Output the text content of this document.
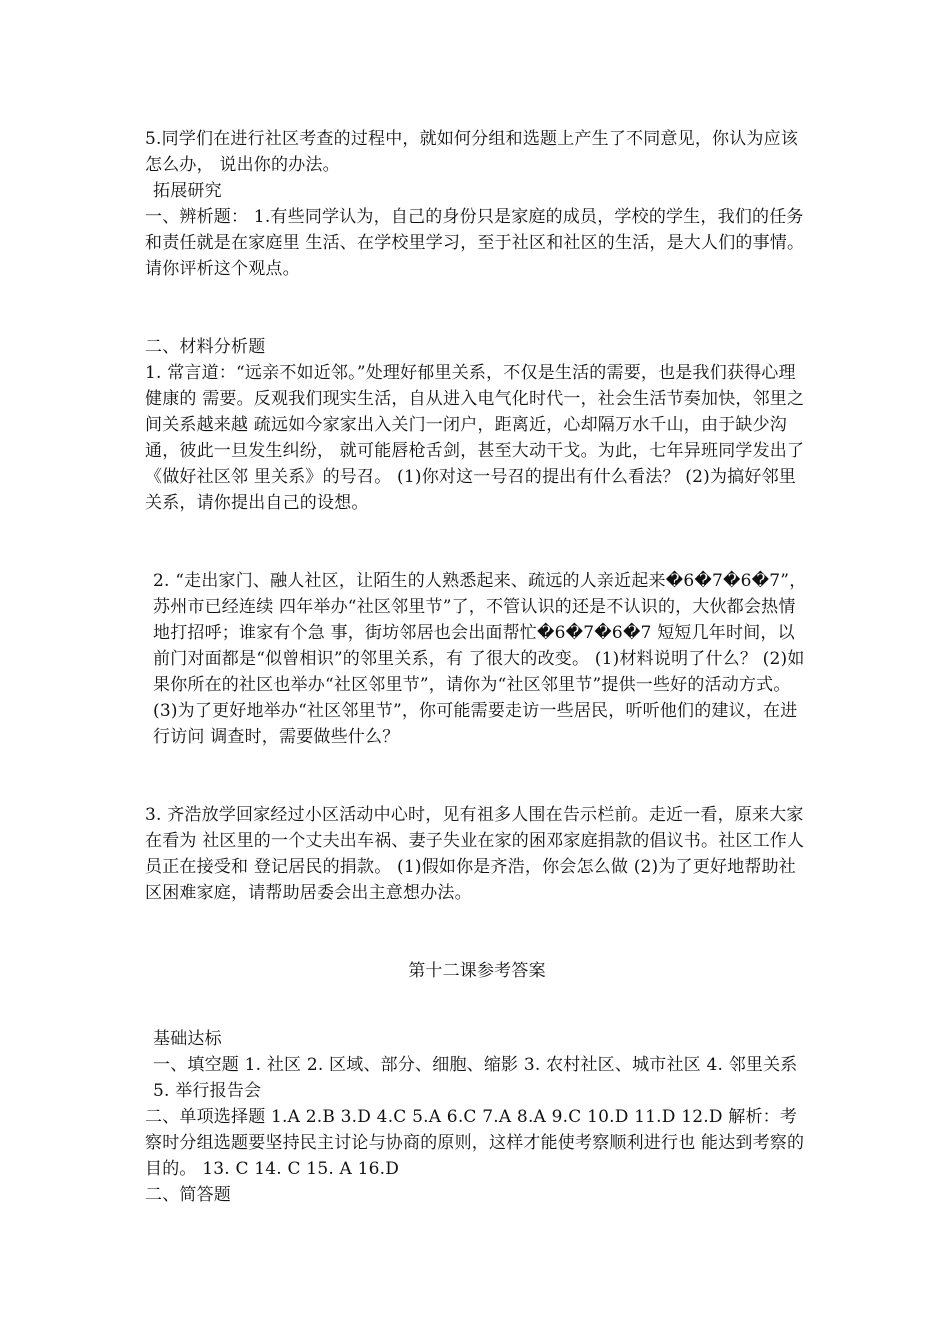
5.同学们在进行社区考查的过程中，就如何分组和选题上产生了不同意见，你认为应该怎么办， 说出你的办法。

拓展研究

一、辨析题： 1.有些同学认为，自己的身份只是家庭的成员，学校的学生，我们的任务和责任就是在家庭里 生活、在学校里学习，至于社区和社区的生活，是大人们的事情。 请你评析这个观点。

二、材料分析题

1. 常言道：“远亲不如近邻。”处理好郁里关系，不仅是生活的需要，也是我们获得心理健康的 需要。反观我们现实生活，自从进入电气化时代一，社会生活节奏加快，邻里之间关系越来越 疏远如今家家出入关门一闭户，距离近，心却隔万水千山，由于缺少沟通，彼此一旦发生纠纷， 就可能唇枪舌剑，甚至大动干戈。为此，七年异班同学发出了《做好社区邻 里关系》的号召。 (1)你对这一号召的提出有什么看法？ (2)为搞好邻里关系，请你提出自己的设想。

2. “走出家门、融人社区，让陌生的人熟悉起来、疏远的人亲近起来�6�7�6�7”，苏州市已经连续 四年举办“社区邻里节”了，不管认识的还是不认识的，大伙都会热情地打招呼；谁家有个急 事，街坊邻居也会出面帮忙�6�7�6�7 短短几年时间，以前门对面都是“似曾相识”的邻里关系，有 了很大的改变。 (1)材料说明了什么？ (2)如果你所在的社区也举办“社区邻里节”，请你为“社区邻里节”提供一些好的活动方式。 (3)为了更好地举办“社区邻里节”，你可能需要走访一些居民，听听他们的建议，在进行访问 调查时，需要做些什么？

3. 齐浩放学回家经过小区活动中心时，见有祖多人围在告示栏前。走近一看，原来大家在看为 社区里的一个丈夫出车祸、妻子失业在家的困邓家庭捐款的倡议书。社区工作人员正在接受和 登记居民的捐款。 (1)假如你是齐浩，你会怎么做 (2)为了更好地帮助社区困难家庭，请帮助居委会出主意想办法。

第十二课参考答案

基础达标

一、填空题 1. 社区 2. 区域、部分、细胞、缩影 3. 农村社区、城市社区 4. 邻里关系 5. 举行报告会

二、单项选择题 1.A 2.B 3.D 4.C 5.A 6.C 7.A 8.A 9.C 10.D 11.D 12.D 解析：考察时分组选题要坚持民主讨论与协商的原则，这样才能使考察顺利进行也 能达到考察的目的。 13. C 14. C 15. A 16.D

二、简答题
